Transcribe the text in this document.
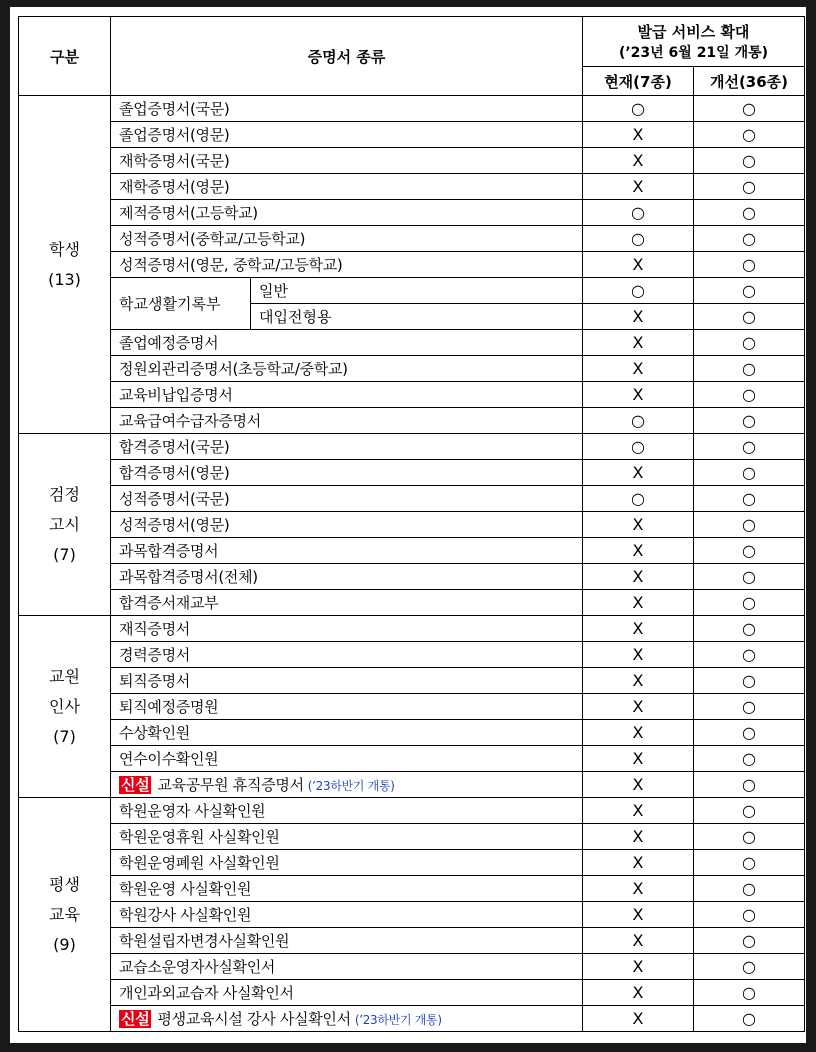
구분	증명서 종류		발급 서비스 확대
(’23년 6월 21일 개통)	

			현재(7종)	개선(36종)

학생
(13)	졸업증명서(국문)		○	○
	졸업증명서(영문)		X	○
	재학증명서(국문)		X	○
	재학증명서(영문)		X	○
	제적증명서(고등학교)		○	○
	성적증명서(중학교/고등학교)		○	○
	성적증명서(영문, 중학교/고등학교)		X	○
	학교생활기록부	일반	○	○
		대입전형용	X	○
	졸업예정증명서		X	○
	정원외관리증명서(초등학교/중학교)		X	○
	교육비납입증명서		X	○
	교육급여수급자증명서		○	○

검정
고시
(7)	합격증명서(국문)		○	○
	합격증명서(영문)		X	○
	성적증명서(국문)		○	○
	성적증명서(영문)		X	○
	과목합격증명서		X	○
	과목합격증명서(전체)		X	○
	합격증서재교부		X	○

교원
인사
(7)	재직증명서		X	○
	경력증명서		X	○
	퇴직증명서		X	○
	퇴직예정증명원		X	○
	수상확인원		X	○
	연수이수확인원		X	○
	신설 교육공무원 휴직증명서 (’23하반기 개통)		X	○

평생
교육
(9)	학원운영자 사실확인원		X	○
	학원운영휴원 사실확인원		X	○
	학원운영폐원 사실확인원		X	○
	학원운영 사실확인원		X	○
	학원강사 사실확인원		X	○
	학원설립자변경사실확인원		X	○
	교습소운영자사실확인서		X	○
	개인과외교습자 사실확인서		X	○
	신설 평생교육시설 강사 사실확인서 (’23하반기 개통)		X	○
